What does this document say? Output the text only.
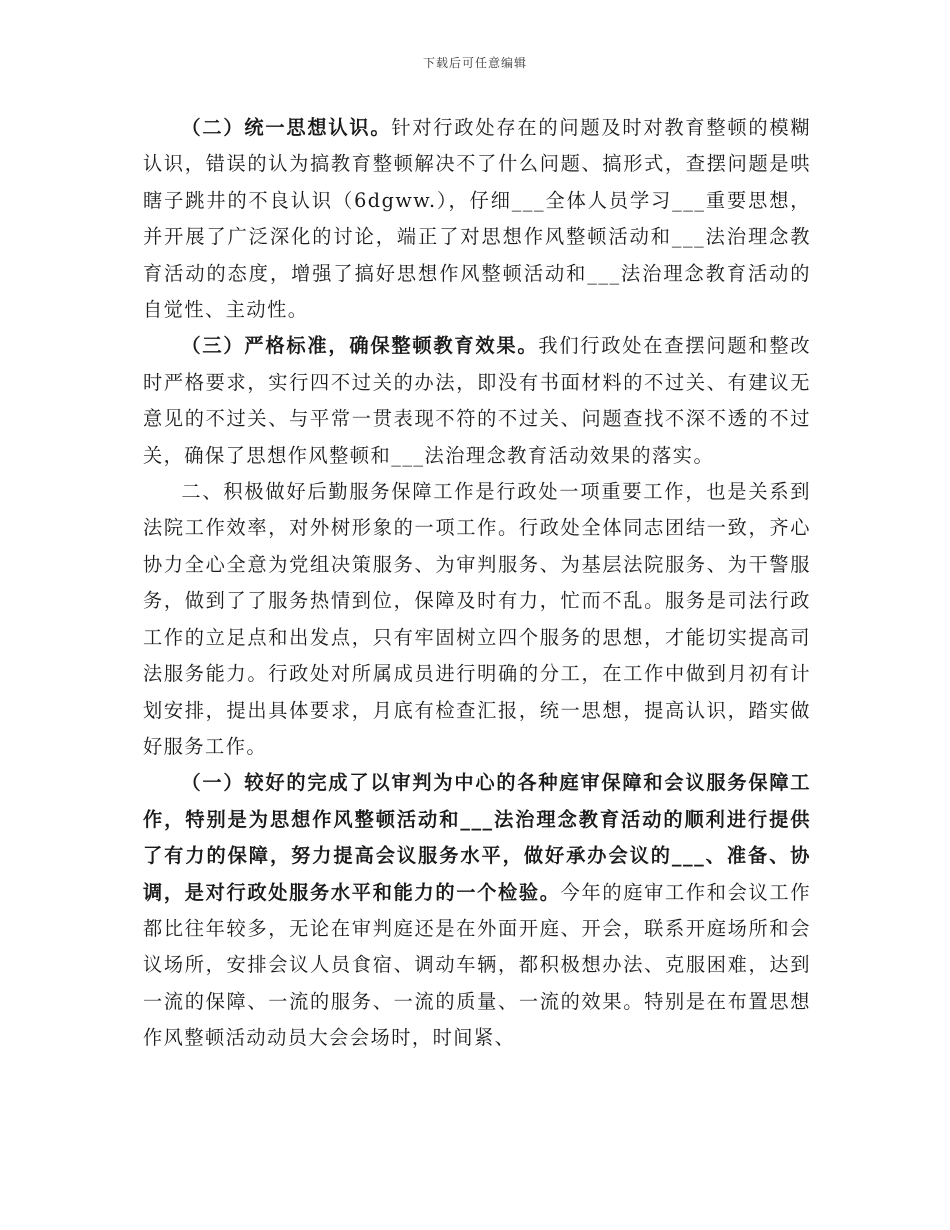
下载后可任意编辑

（二）统一思想认识。针对行政处存在的问题及时对教育整顿的模糊认识，错误的认为搞教育整顿解决不了什么问题、搞形式，查摆问题是哄瞎子跳井的不良认识（6dgww.），仔细___全体人员学习___重要思想，并开展了广泛深化的讨论，端正了对思想作风整顿活动和___法治理念教育活动的态度，增强了搞好思想作风整顿活动和___法治理念教育活动的自觉性、主动性。

（三）严格标准，确保整顿教育效果。我们行政处在查摆问题和整改时严格要求，实行四不过关的办法，即没有书面材料的不过关、有建议无意见的不过关、与平常一贯表现不符的不过关、问题查找不深不透的不过关，确保了思想作风整顿和___法治理念教育活动效果的落实。

二、积极做好后勤服务保障工作是行政处一项重要工作，也是关系到法院工作效率，对外树形象的一项工作。行政处全体同志团结一致，齐心协力全心全意为党组决策服务、为审判服务、为基层法院服务、为干警服务，做到了了服务热情到位，保障及时有力，忙而不乱。服务是司法行政工作的立足点和出发点，只有牢固树立四个服务的思想，才能切实提高司法服务能力。行政处对所属成员进行明确的分工，在工作中做到月初有计划安排，提出具体要求，月底有检查汇报，统一思想，提高认识，踏实做好服务工作。

（一）较好的完成了以审判为中心的各种庭审保障和会议服务保障工作，特别是为思想作风整顿活动和___法治理念教育活动的顺利进行提供了有力的保障，努力提高会议服务水平，做好承办会议的___、准备、协调，是对行政处服务水平和能力的一个检验。今年的庭审工作和会议工作都比往年较多，无论在审判庭还是在外面开庭、开会，联系开庭场所和会议场所，安排会议人员食宿、调动车辆，都积极想办法、克服困难，达到一流的保障、一流的服务、一流的质量、一流的效果。特别是在布置思想作风整顿活动动员大会会场时，时间紧、
